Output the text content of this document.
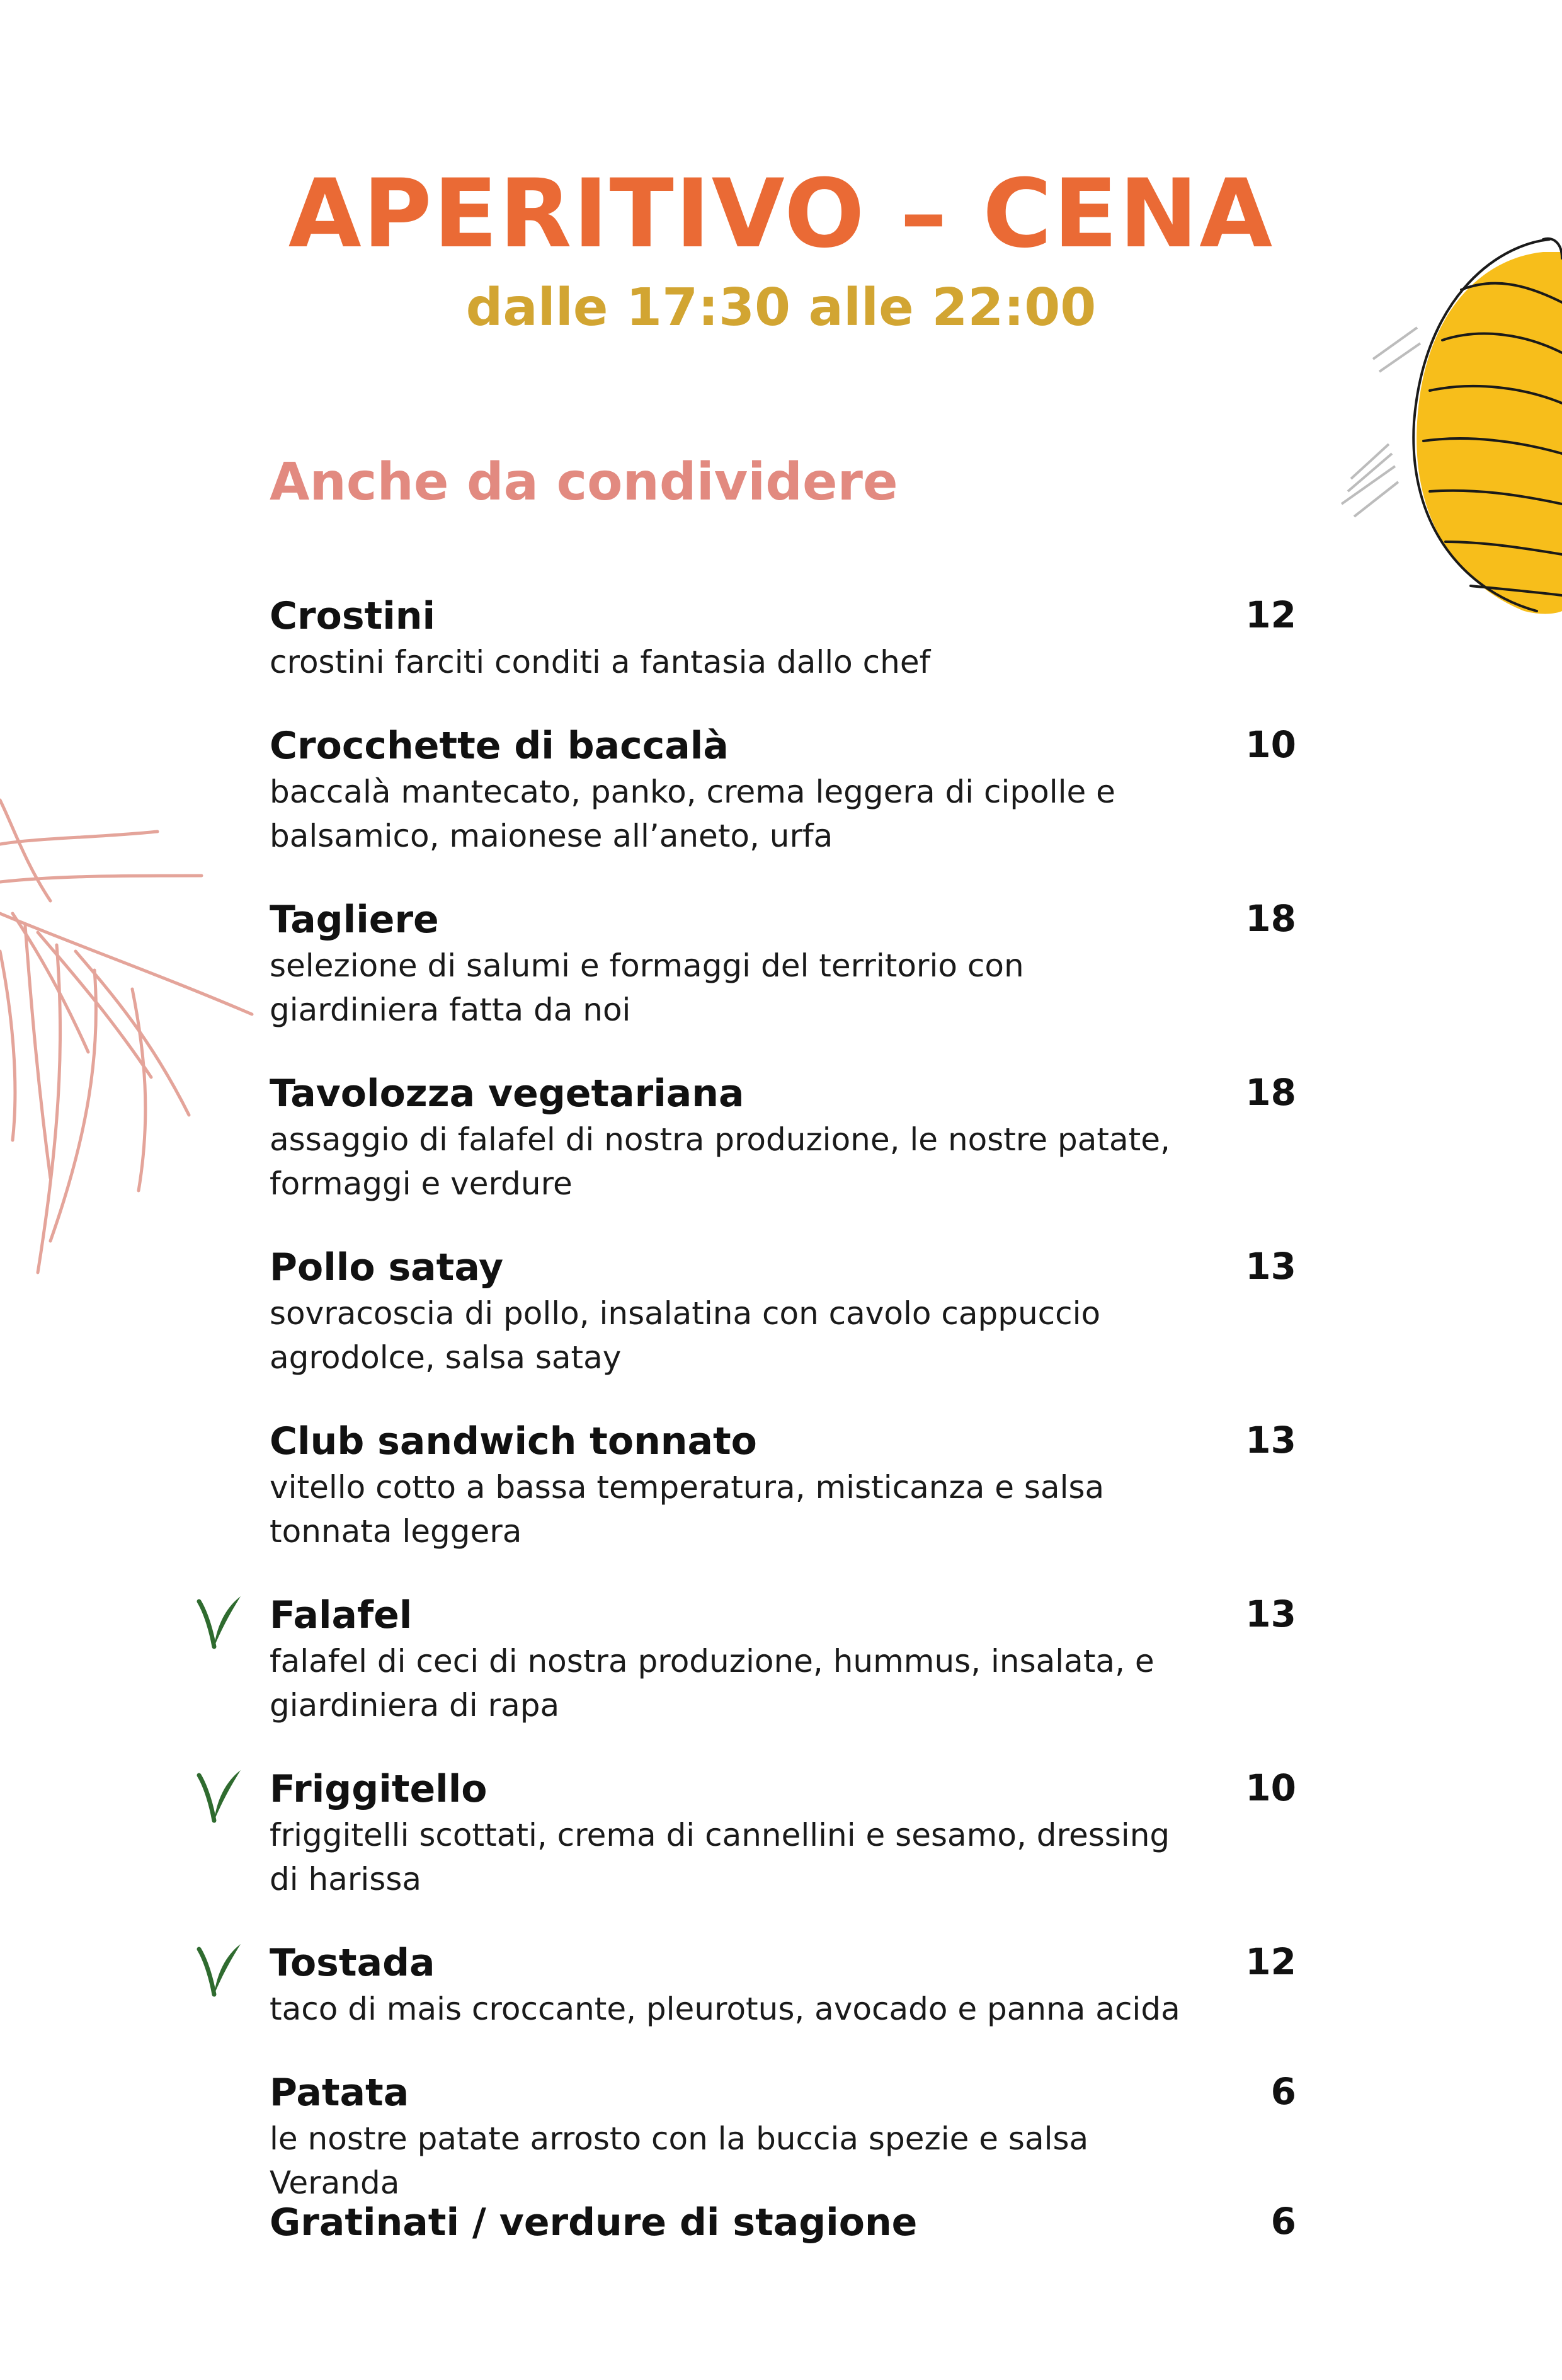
APERITIVO – CENA
dalle 17:30 alle 22:00
Anche da condividere
Crostini
crostini farciti conditi a fantasia dallo chef
12
Crocchette di baccalà
baccalà mantecato, panko, crema leggera di cipolle e balsamico, maionese all’aneto, urfa
10
Tagliere
selezione di salumi e formaggi del territorio con giardiniera fatta da noi
18
Tavolozza vegetariana
assaggio di falafel di nostra produzione, le nostre patate, formaggi e verdure
18
Pollo satay
sovracoscia di pollo, insalatina con cavolo cappuccio agrodolce, salsa satay
13
Club sandwich tonnato
vitello cotto a bassa temperatura, misticanza e salsa tonnata leggera
13
Falafel
falafel di ceci di nostra produzione, hummus, insalata, e giardiniera di rapa
13
Friggitello
friggitelli scottati, crema di cannellini e sesamo, dressing di harissa
10
Tostada
taco di mais croccante, pleurotus, avocado e panna acida
12
Patata
le nostre patate arrosto con la buccia spezie e salsa Veranda
6
Gratinati / verdure di stagione	6
